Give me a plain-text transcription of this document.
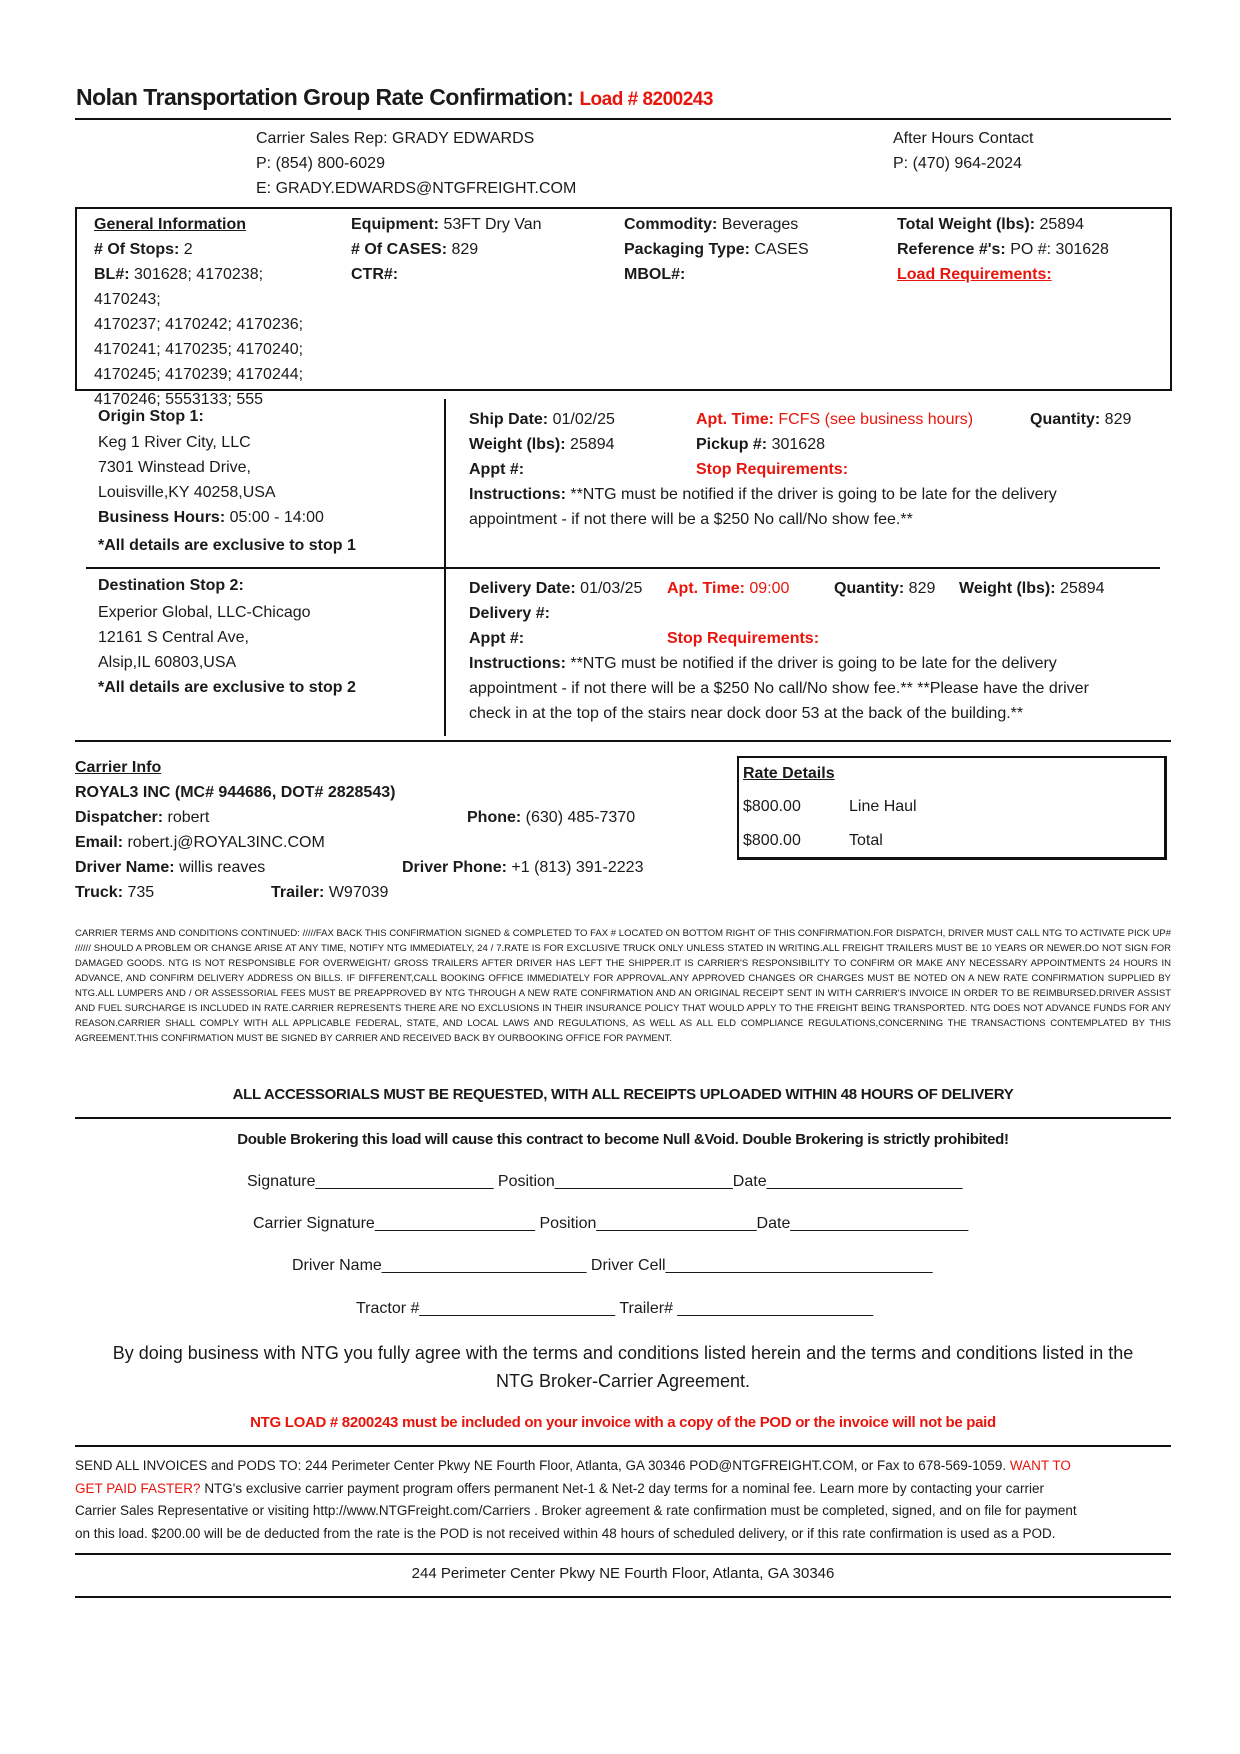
Nolan Transportation Group Rate Confirmation: Load # 8200243
Carrier Sales Rep: GRADY EDWARDS
P: (854) 800-6029
E: GRADY.EDWARDS@NTGFREIGHT.COM
After Hours Contact
P: (470) 964-2024
General Information
# Of Stops: 2
BL#: 301628; 4170238; 4170243;
4170237; 4170242; 4170236;
4170241; 4170235; 4170240;
4170245; 4170239; 4170244;
4170246; 5553133; 555
Equipment: 53FT Dry Van
# Of CASES: 829
CTR#:
Commodity: Beverages
Packaging Type: CASES
MBOL#:
Total Weight (lbs): 25894
Reference #'s: PO #: 301628
Load Requirements:
Origin Stop 1:
Keg 1 River City, LLC
7301 Winstead Drive,
Louisville,KY 40258,USA
Business Hours: 05:00 - 14:00
*All details are exclusive to stop 1
Ship Date: 01/02/25	Apt. Time: FCFS (see business hours)	Quantity: 829
Weight (lbs): 25894	Pickup #: 301628
Appt #:	Stop Requirements:
Instructions: **NTG must be notified if the driver is going to be late for the delivery
appointment - if not there will be a $250 No call/No show fee.**
Destination Stop 2:
Experior Global, LLC-Chicago
12161 S Central Ave,
Alsip,IL 60803,USA
*All details are exclusive to stop 2
Delivery Date: 01/03/25 Apt. Time: 09:00	Quantity: 829 Weight (lbs): 25894
Delivery #:
Appt #:	Stop Requirements:
Instructions: **NTG must be notified if the driver is going to be late for the delivery
appointment - if not there will be a $250 No call/No show fee.** **Please have the driver
check in at the top of the stairs near dock door 53 at the back of the building.**
Carrier Info
ROYAL3 INC (MC# 944686, DOT# 2828543)
Dispatcher: robert	Phone: (630) 485-7370
Email: robert.j@ROYAL3INC.COM
Driver Name: willis reaves	Driver Phone: +1 (813) 391-2223
Truck: 735	Trailer: W97039
Rate Details
$800.00	Line Haul
$800.00	Total
CARRIER TERMS AND CONDITIONS CONTINUED: /////FAX BACK THIS CONFIRMATION SIGNED & COMPLETED TO FAX # LOCATED ON BOTTOM RIGHT OF THIS CONFIRMATION.FOR DISPATCH, DRIVER MUST CALL NTG TO ACTIVATE PICK UP# ////// SHOULD A PROBLEM OR CHANGE ARISE AT ANY TIME, NOTIFY NTG IMMEDIATELY, 24 / 7.RATE IS FOR EXCLUSIVE TRUCK ONLY UNLESS STATED IN WRITING.ALL FREIGHT TRAILERS MUST BE 10 YEARS OR NEWER.DO NOT SIGN FOR DAMAGED GOODS. NTG IS NOT RESPONSIBLE FOR OVERWEIGHT/ GROSS TRAILERS AFTER DRIVER HAS LEFT THE SHIPPER.IT IS CARRIER'S RESPONSIBILITY TO CONFIRM OR MAKE ANY NECESSARY APPOINTMENTS 24 HOURS IN ADVANCE, AND CONFIRM DELIVERY ADDRESS ON BILLS. IF DIFFERENT,CALL BOOKING OFFICE IMMEDIATELY FOR APPROVAL.ANY APPROVED CHANGES OR CHARGES MUST BE NOTED ON A NEW RATE CONFIRMATION SUPPLIED BY NTG.ALL LUMPERS AND / OR ASSESSORIAL FEES MUST BE PREAPPROVED BY NTG THROUGH A NEW RATE CONFIRMATION AND AN ORIGINAL RECEIPT SENT IN WITH CARRIER'S INVOICE IN ORDER TO BE REIMBURSED.DRIVER ASSIST AND FUEL SURCHARGE IS INCLUDED IN RATE.CARRIER REPRESENTS THERE ARE NO EXCLUSIONS IN THEIR INSURANCE POLICY THAT WOULD APPLY TO THE FREIGHT BEING TRANSPORTED. NTG DOES NOT ADVANCE FUNDS FOR ANY REASON.CARRIER SHALL COMPLY WITH ALL APPLICABLE FEDERAL, STATE, AND LOCAL LAWS AND REGULATIONS, AS WELL AS ALL ELD COMPLIANCE REGULATIONS,CONCERNING THE TRANSACTIONS CONTEMPLATED BY THIS AGREEMENT.THIS CONFIRMATION MUST BE SIGNED BY CARRIER AND RECEIVED BACK BY OURBOOKING OFFICE FOR PAYMENT.
ALL ACCESSORIALS MUST BE REQUESTED, WITH ALL RECEIPTS UPLOADED WITHIN 48 HOURS OF DELIVERY
Double Brokering this load will cause this contract to become Null &Void. Double Brokering is strictly prohibited!
Signature____________________ Position____________________Date______________________
Carrier Signature__________________ Position__________________Date____________________
Driver Name_______________________ Driver Cell______________________________
Tractor #______________________ Trailer# ______________________
By doing business with NTG you fully agree with the terms and conditions listed herein and the terms and conditions listed in the
NTG Broker-Carrier Agreement.
NTG LOAD # 8200243 must be included on your invoice with a copy of the POD or the invoice will not be paid
SEND ALL INVOICES and PODS TO: 244 Perimeter Center Pkwy NE Fourth Floor, Atlanta, GA 30346 POD@NTGFREIGHT.COM, or Fax to 678-569-1059. WANT TO
GET PAID FASTER? NTG's exclusive carrier payment program offers permanent Net-1 & Net-2 day terms for a nominal fee. Learn more by contacting your carrier
Carrier Sales Representative or visiting http://www.NTGFreight.com/Carriers . Broker agreement & rate confirmation must be completed, signed, and on file for payment
on this load. $200.00 will be de deducted from the rate is the POD is not received within 48 hours of scheduled delivery, or if this rate confirmation is used as a POD.
244 Perimeter Center Pkwy NE Fourth Floor, Atlanta, GA 30346
